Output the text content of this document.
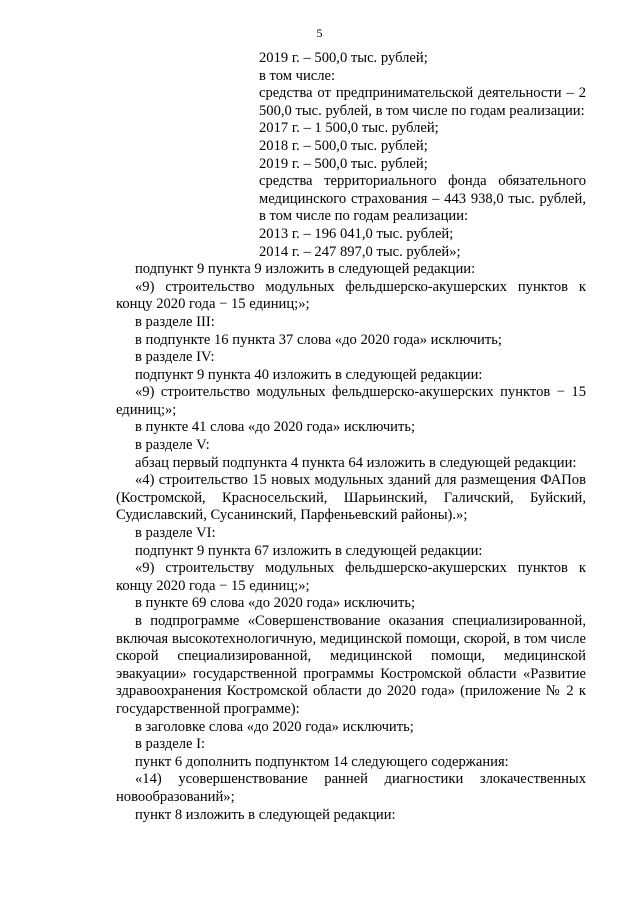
5

2019 г. – 500,0 тыс. рублей;

в том числе:

средства от предпринимательской деятельности – 2 500,0 тыс. рублей, в том числе по годам реализации:

2017 г. – 1 500,0 тыс. рублей;

2018 г. – 500,0 тыс. рублей;

2019 г. – 500,0 тыс. рублей;

средства территориального фонда обязательного медицинского страхования – 443 938,0 тыс. рублей, в том числе по годам реализации:

2013 г. – 196 041,0 тыс. рублей;

2014 г. – 247 897,0 тыс. рублей»;

подпункт 9 пункта 9 изложить в следующей редакции:

«9) строительство модульных фельдшерско-акушерских пунктов к концу 2020 года − 15 единиц;»;

в разделе III:

в подпункте 16 пункта 37 слова «до 2020 года» исключить;

в разделе IV:

подпункт 9 пункта 40 изложить в следующей редакции:

«9) строительство модульных фельдшерско-акушерских пунктов − 15 единиц;»;

в пункте 41 слова «до 2020 года» исключить;

в разделе V:

абзац первый подпункта 4 пункта 64 изложить в следующей редакции:

«4) строительство 15 новых модульных зданий для размещения ФАПов (Костромской, Красносельский, Шарьинский, Галичский, Буйский, Судиславский, Сусанинский, Парфеньевский районы).»;

в разделе VI:

подпункт 9 пункта 67 изложить в следующей редакции:

«9) строительству модульных фельдшерско-акушерских пунктов к концу 2020 года − 15 единиц;»;

в пункте 69 слова «до 2020 года» исключить;

в подпрограмме «Совершенствование оказания специализированной, включая высокотехнологичную, медицинской помощи, скорой, в том числе скорой специализированной, медицинской помощи, медицинской эвакуации» государственной программы Костромской области «Развитие здравоохранения Костромской области до 2020 года» (приложение № 2 к государственной программе):

в заголовке слова «до 2020 года» исключить;

в разделе I:

пункт 6 дополнить подпунктом 14 следующего содержания:

«14) усовершенствование ранней диагностики злокачественных новообразований»;

пункт 8 изложить в следующей редакции:
